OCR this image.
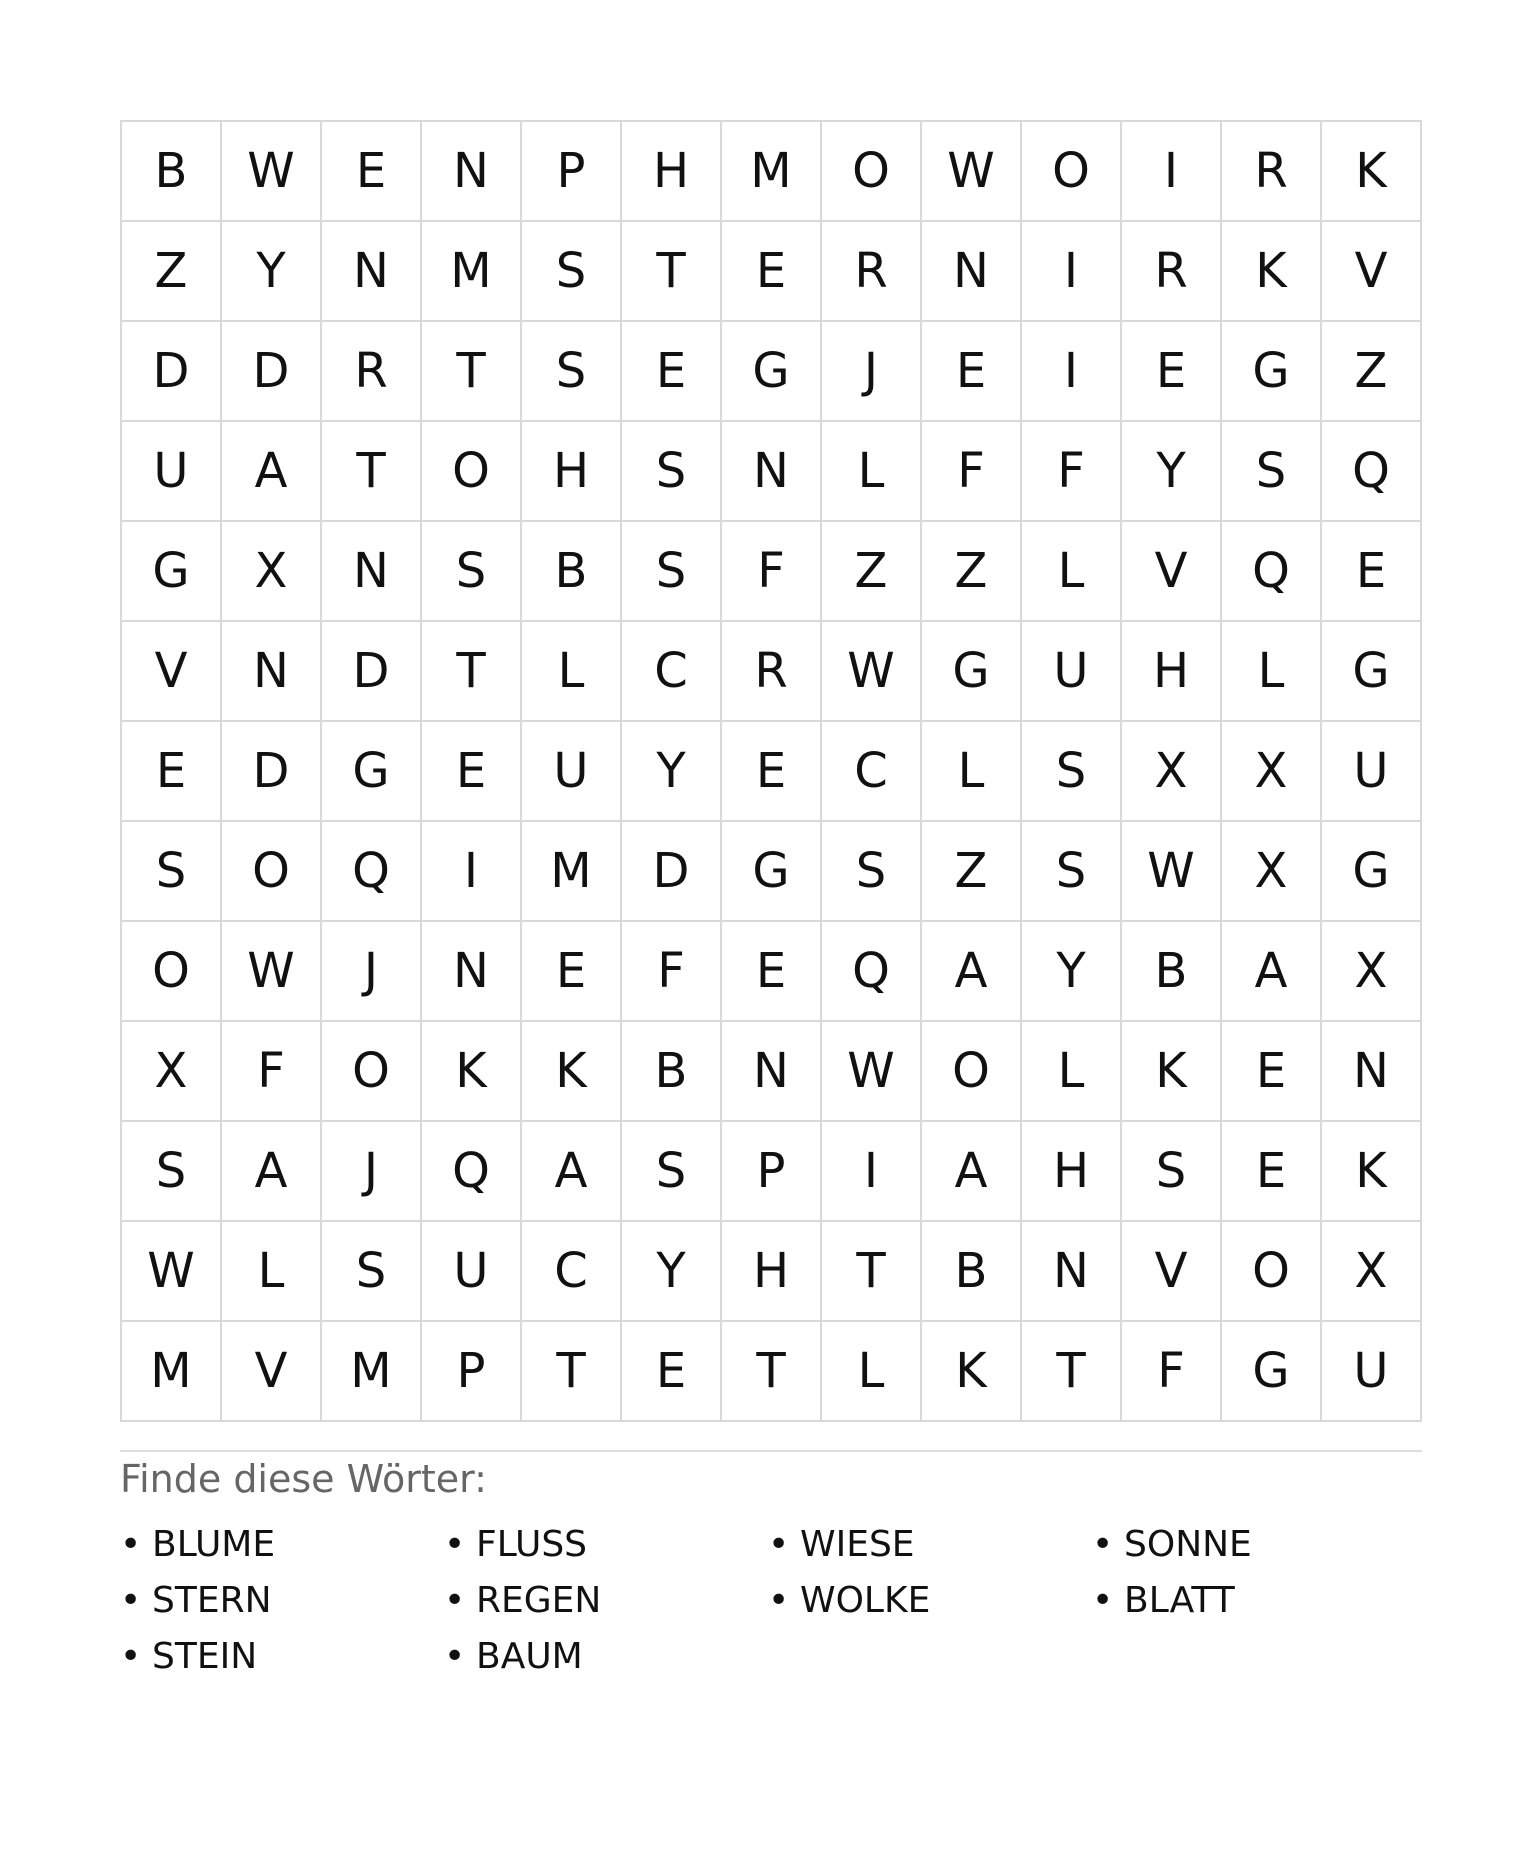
B	W	E	N	P	H	M	O	W	O	I	R	K
Z	Y	N	M	S	T	E	R	N	I	R	K	V
D	D	R	T	S	E	G	J	E	I	E	G	Z
U	A	T	O	H	S	N	L	F	F	Y	S	Q
G	X	N	S	B	S	F	Z	Z	L	V	Q	E
V	N	D	T	L	C	R	W	G	U	H	L	G
E	D	G	E	U	Y	E	C	L	S	X	X	U
S	O	Q	I	M	D	G	S	Z	S	W	X	G
O	W	J	N	E	F	E	Q	A	Y	B	A	X
X	F	O	K	K	B	N	W	O	L	K	E	N
S	A	J	Q	A	S	P	I	A	H	S	E	K
W	L	S	U	C	Y	H	T	B	N	V	O	X
M	V	M	P	T	E	T	L	K	T	F	G	U
Finde diese Wörter:
• BLUME	• FLUSS	• WIESE	• SONNE
• STERN	• REGEN	• WOLKE	• BLATT
• STEIN	• BAUM
